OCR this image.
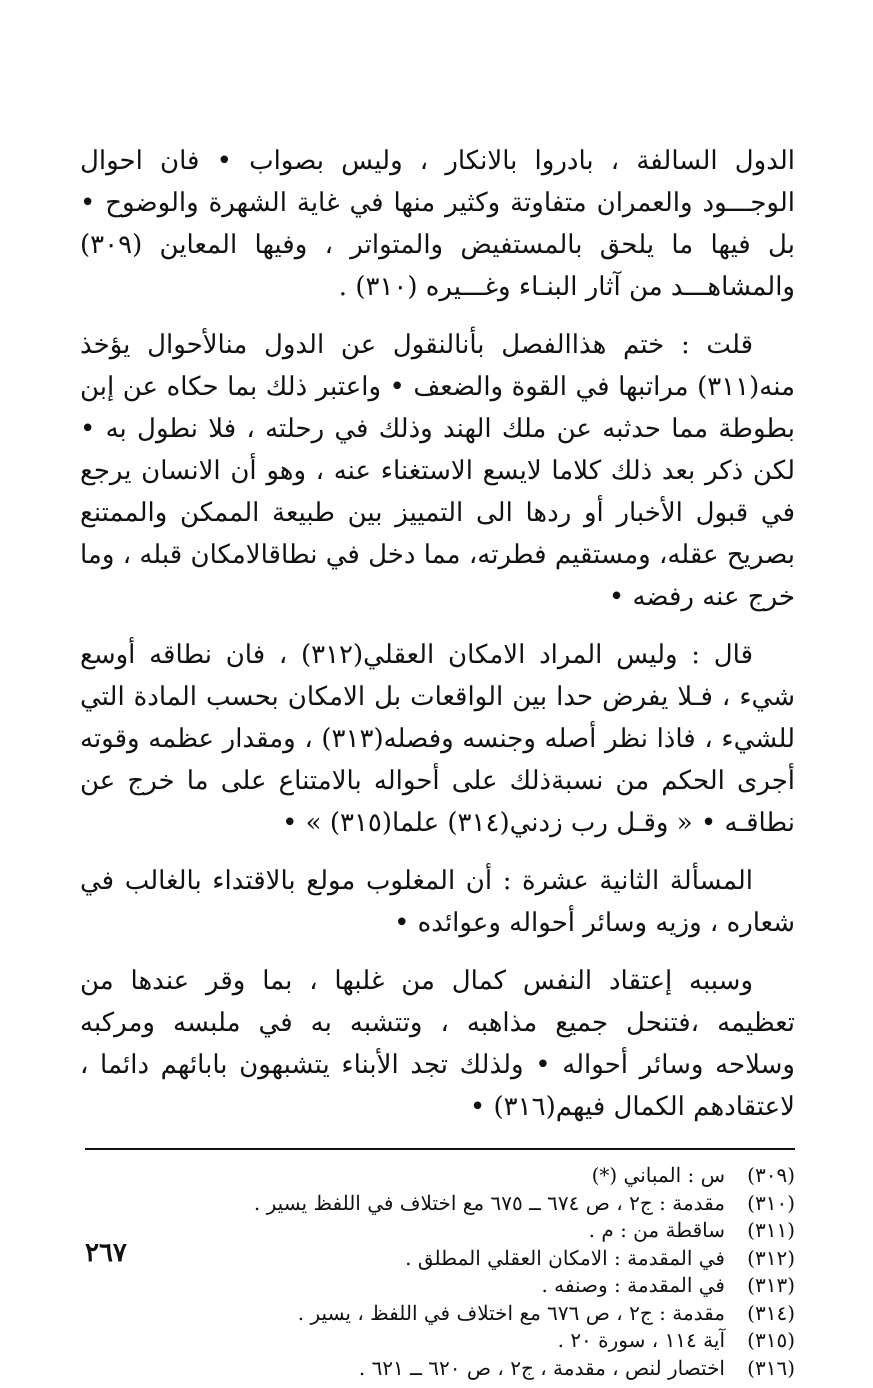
الدول السالفة ، بادروا بالانكار ، وليس بصواب • فان احوال الوجـــود والعمران متفاوتة وكثير منها في غاية الشهرة والوضوح • بل فيها ما يلحق بالمستفيض والمتواتر ، وفيها المعاين (٣٠٩) والمشاهـــد من آثار البنـاء وغـــيره (٣١٠) .

قلت : ختم هذاالفصل بأنالنقول عن الدول منالأحوال يؤخذ منه(٣١١) مراتبها في القوة والضعف • واعتبر ذلك بما حكاه عن إبن بطوطة مما حدثبه عن ملك الهند وذلك في رحلته ، فلا نطول به • لكن ذكر بعد ذلك كلاما لايسع الاستغناء عنه ، وهو أن الانسان يرجع في قبول الأخبار أو ردها الى التمييز بين طبيعة الممكن والممتنع بصريح عقله، ومستقيم فطرته، مما دخل في نطاقالامكان قبله ، وما خرج عنه رفضه •

قال : وليس المراد الامكان العقلي(٣١٢) ، فان نطاقه أوسع شيء ، فـلا يفرض حدا بين الواقعات بل الامكان بحسب المادة التي للشيء ، فاذا نظر أصله وجنسه وفصله(٣١٣) ، ومقدار عظمه وقوته أجرى الحكم من نسبةذلك على أحواله بالامتناع على ما خرج عن نطاقـه • « وقـل رب زدني(٣١٤) علما(٣١٥) » •

المسألة الثانية عشرة : أن المغلوب مولع بالاقتداء بالغالب في شعاره ، وزيه وسائر أحواله وعوائده •

وسببه إعتقاد النفس كمال من غلبها ، بما وقر عندها من تعظيمه ،فتنحل جميع مذاهبه ، وتتشبه به في ملبسه ومركبه وسلاحه وسائر أحواله • ولذلك تجد الأبناء يتشبهون بابائهم دائما ، لاعتقادهم الكمال فيهم(٣١٦) •

(٣٠٩)
س : المباني (*)
(٣١٠)
مقدمة : ج٢ ، ص ٦٧٤ ــ ٦٧٥ مع اختلاف في اللفظ يسير .
(٣١١)
ساقطة من : م .
(٣١٢)
في المقدمة : الامكان العقلي المطلق .
(٣١٣)
في المقدمة : وصنفه .
(٣١٤)
مقدمة : ج٢ ، ص ٦٧٦ مع اختلاف في اللفظ ، يسير .
(٣١٥)
آية ١١٤ ، سورة ٢٠ .
(٣١٦)
اختصار لنص ، مقدمة ، ج٢ ، ص ٦٢٠ ــ ٦٢١ .
٢٦٧
